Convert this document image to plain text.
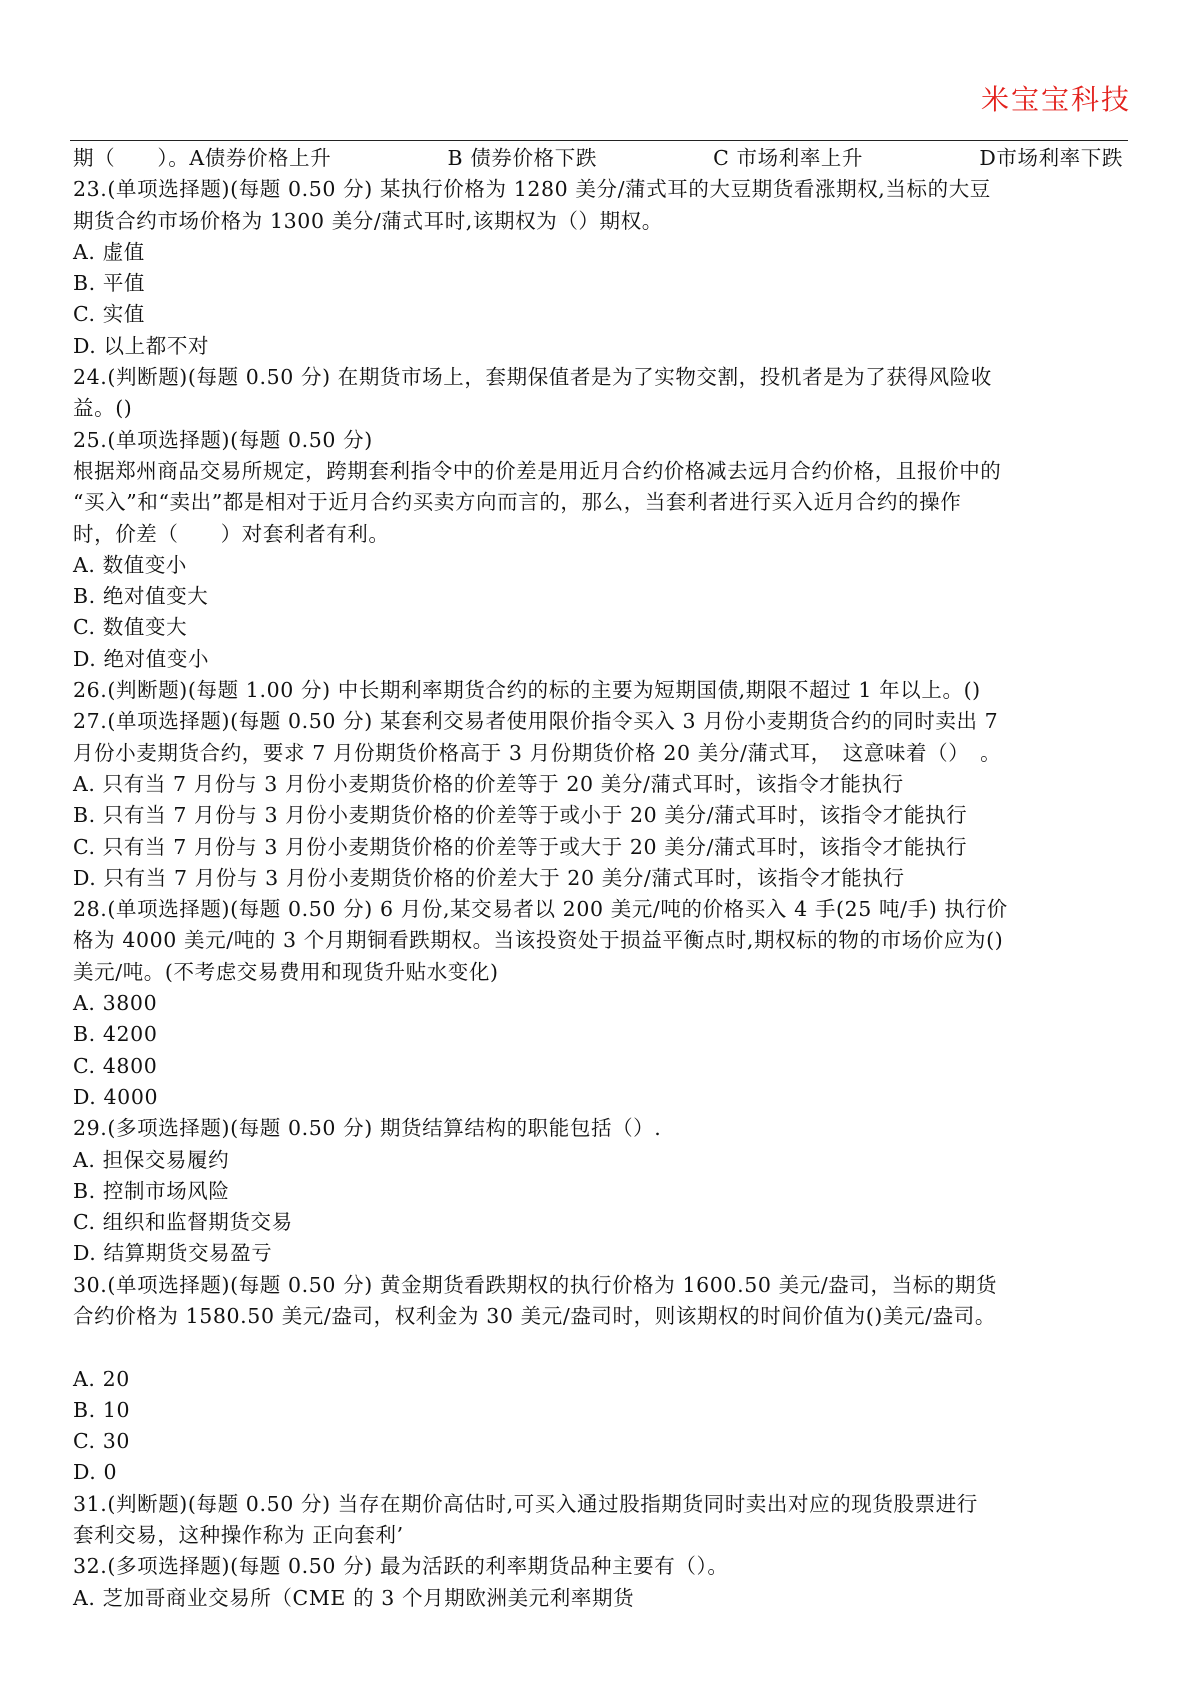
米宝宝科技
期（　　）。A债券价格上升	B 债券价格下跌	C 市场利率上升	D市场利率下跌
23.(单项选择题)(每题 0.50 分) 某执行价格为 1280 美分/蒲式耳的大豆期货看涨期权,当标的大豆
期货合约市场价格为 1300 美分/蒲式耳时,该期权为（）期权。
A. 虚值
B. 平值
C. 实值
D. 以上都不对
24.(判断题)(每题 0.50 分) 在期货市场上，套期保值者是为了实物交割，投机者是为了获得风险收
益。()
25.(单项选择题)(每题 0.50 分)
根据郑州商品交易所规定，跨期套利指令中的价差是用近月合约价格减去远月合约价格，且报价中的
“买入”和“卖出”都是相对于近月合约买卖方向而言的，那么，当套利者进行买入近月合约的操作
时，价差（　　）对套利者有利。
A. 数值变小
B. 绝对值变大
C. 数值变大
D. 绝对值变小
26.(判断题)(每题 1.00 分) 中长期利率期货合约的标的主要为短期国债,期限不超过 1 年以上。()
27.(单项选择题)(每题 0.50 分) 某套利交易者使用限价指令买入 3 月份小麦期货合约的同时卖出 7
月份小麦期货合约，要求 7 月份期货价格高于 3 月份期货价格 20 美分/蒲式耳，　这意味着（）　。
A. 只有当 7 月份与 3 月份小麦期货价格的价差等于 20 美分/蒲式耳时，该指令才能执行
B. 只有当 7 月份与 3 月份小麦期货价格的价差等于或小于 20 美分/蒲式耳时，该指令才能执行
C. 只有当 7 月份与 3 月份小麦期货价格的价差等于或大于 20 美分/蒲式耳时，该指令才能执行
D. 只有当 7 月份与 3 月份小麦期货价格的价差大于 20 美分/蒲式耳时，该指令才能执行
28.(单项选择题)(每题 0.50 分) 6 月份,某交易者以 200 美元/吨的价格买入 4 手(25 吨/手) 执行价
格为 4000 美元/吨的 3 个月期铜看跌期权。当该投资处于损益平衡点时,期权标的物的市场价应为()
美元/吨。(不考虑交易费用和现货升贴水变化)
A. 3800
B. 4200
C. 4800
D. 4000
29.(多项选择题)(每题 0.50 分) 期货结算结构的职能包括（）.
A. 担保交易履约
B. 控制市场风险
C. 组织和监督期货交易
D. 结算期货交易盈亏
30.(单项选择题)(每题 0.50 分) 黄金期货看跌期权的执行价格为 1600.50 美元/盎司，当标的期货
合约价格为 1580.50 美元/盎司，权利金为 30 美元/盎司时，则该期权的时间价值为()美元/盎司。
A. 20
B. 10
C. 30
D. 0
31.(判断题)(每题 0.50 分) 当存在期价高估时,可买入通过股指期货同时卖出对应的现货股票进行
套利交易，这种操作称为 正向套利’
32.(多项选择题)(每题 0.50 分) 最为活跃的利率期货品种主要有（）。
A. 芝加哥商业交易所（CME 的 3 个月期欧洲美元利率期货
